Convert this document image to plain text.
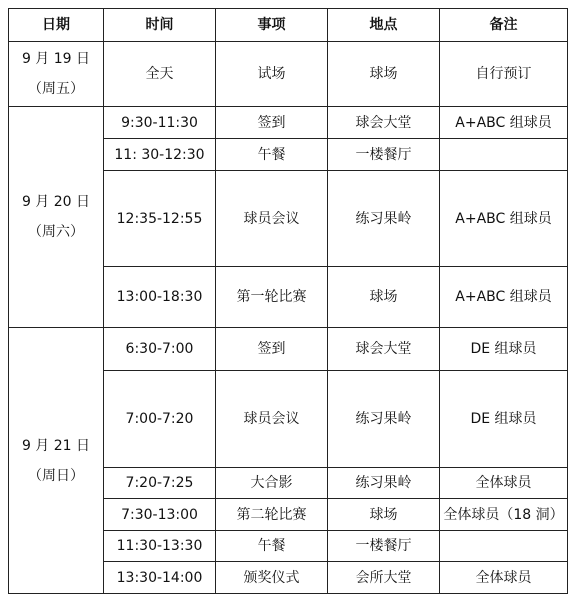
日期	时间	事项	地点	备注

9 月 19 日
（周五）	全天	试场	球场	自行预订

9 月 20 日
（周六）	9:30-11:30	签到	球会大堂	A+ABC 组球员
	11: 30-12:30	午餐	一楼餐厅	
	12:35-12:55	球员会议	练习果岭	A+ABC 组球员
	13:00-18:30	第一轮比赛	球场	A+ABC 组球员

9 月 21 日
（周日）	6:30-7:00	签到	球会大堂	DE 组球员
	7:00-7:20	球员会议	练习果岭	DE 组球员
	7:20-7:25	大合影	练习果岭	全体球员
	7:30-13:00	第二轮比赛	球场	全体球员（18 洞）
	11:30-13:30	午餐	一楼餐厅	
	13:30-14:00	颁奖仪式	会所大堂	全体球员
